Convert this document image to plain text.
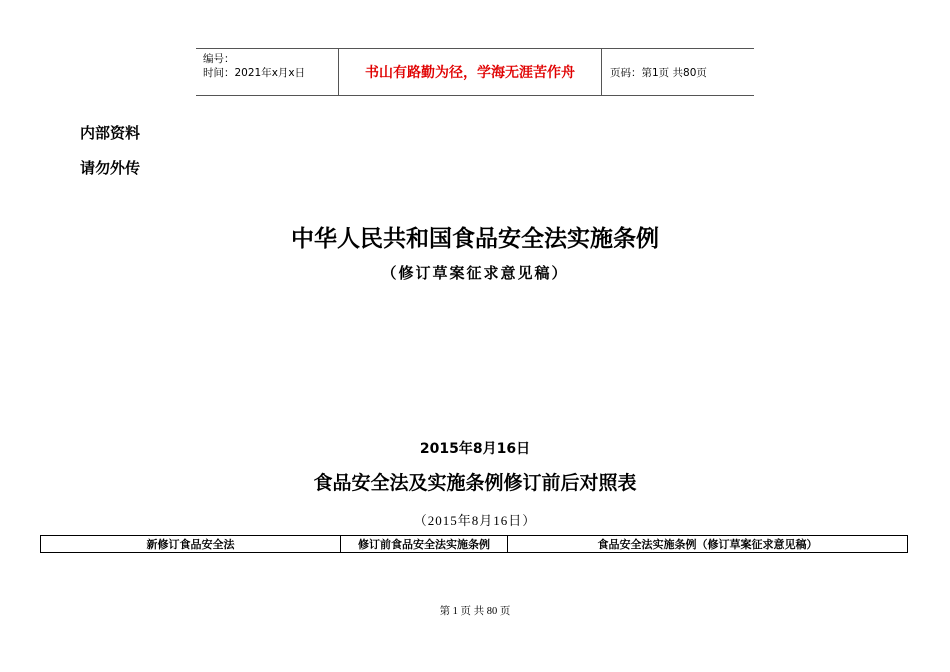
编号：
时间：2021年x月x日	书山有路勤为径，学海无涯苦作舟	页码：第1页 共80页
内部资料
请勿外传
中华人民共和国食品安全法实施条例
（修订草案征求意见稿）
2015年8月16日
食品安全法及实施条例修订前后对照表
（2015年8月16日）
新修订食品安全法	修订前食品安全法实施条例	食品安全法实施条例（修订草案征求意见稿）
第 1 页 共 80 页
